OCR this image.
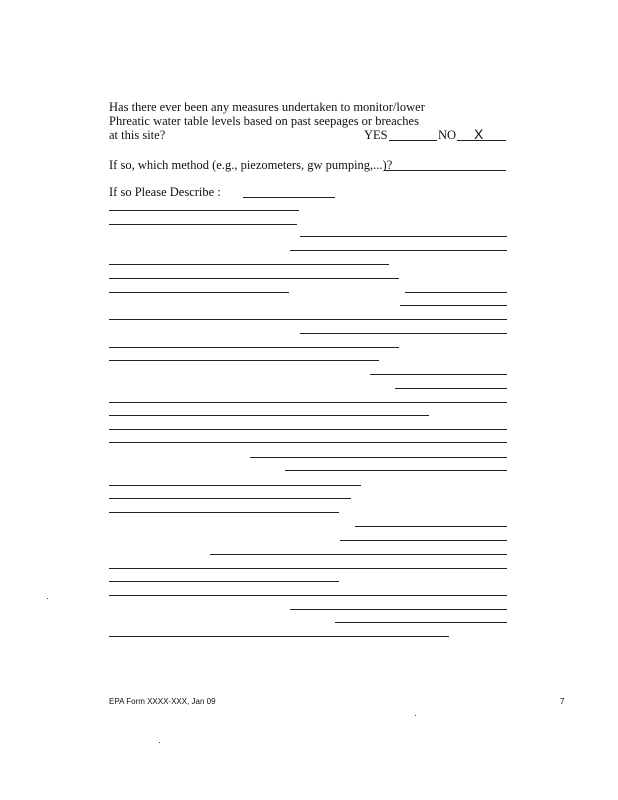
Has there ever been any measures undertaken to monitor/lower
Phreatic water table levels based on past seepages or breaches
at this site?	YES	NO X
If so, which method (e.g., piezometers, gw pumping,...)?
If so Please Describe :
EPA Form XXXX-XXX, Jan 09	7
